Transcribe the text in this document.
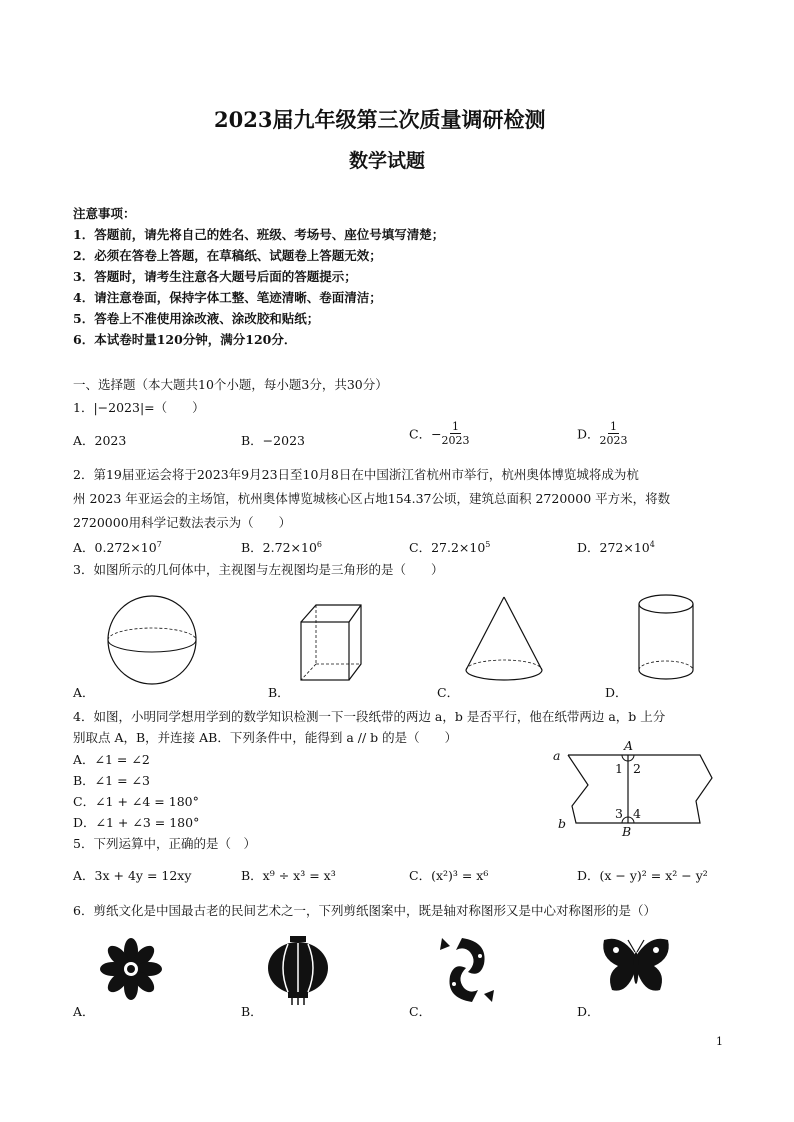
2023届九年级第三次质量调研检测
数学试题
注意事项：
1．答题前，请先将自己的姓名、班级、考场号、座位号填写清楚；
2．必须在答卷上答题，在草稿纸、试题卷上答题无效；
3．答题时，请考生注意各大题号后面的答题提示；
4．请注意卷面，保持字体工整、笔迹清晰、卷面清洁；
5．答卷上不准使用涂改液、涂改胶和贴纸；
6．本试卷时量120分钟，满分120分．
一、选择题（本大题共10个小题，每小题3分，共30分）
1．|−2023|=（　　）
A．2023	B．−2023	C．− $\frac{1}{2023}$	D． $\frac{1}{2023}$
2．第19届亚运会将于2023年9月23日至10月8日在中国浙江省杭州市举行，杭州奥体博览城将成为杭
州 2023 年亚运会的主场馆，杭州奥体博览城核心区占地154.37公顷，建筑总面积 2720000 平方米，将数
2720000用科学记数法表示为（　　）
A．$0.272\times 10^7$	B．$2.72\times 10^6$	C．$27.2\times 10^5$	D．$272\times 10^4$
3．如图所示的几何体中，主视图与左视图均是三角形的是（　　）
A．	B．	C．	D．
4．如图，小明同学想用学到的数学知识检测一下一段纸带的两边 a，b 是否平行，他在纸带两边 a，b 上分
别取点 A，B，并连接 AB．下列条件中，能得到 a // b 的是（　　）
A．∠1 = ∠2
B．∠1 = ∠3
C．∠1 + ∠4 = 180°
D．∠1 + ∠3 = 180°
a
b
A
B
1 2
3 4
5．下列运算中，正确的是（　）
A．3x + 4y = 12xy	B．x⁹ ÷ x³ = x³	C．(x²)³ = x⁶	D．(x − y)² = x² − y²
6．剪纸文化是中国最古老的民间艺术之一，下列剪纸图案中，既是轴对称图形又是中心对称图形的是（）
A．	B．	C．	D．
1
